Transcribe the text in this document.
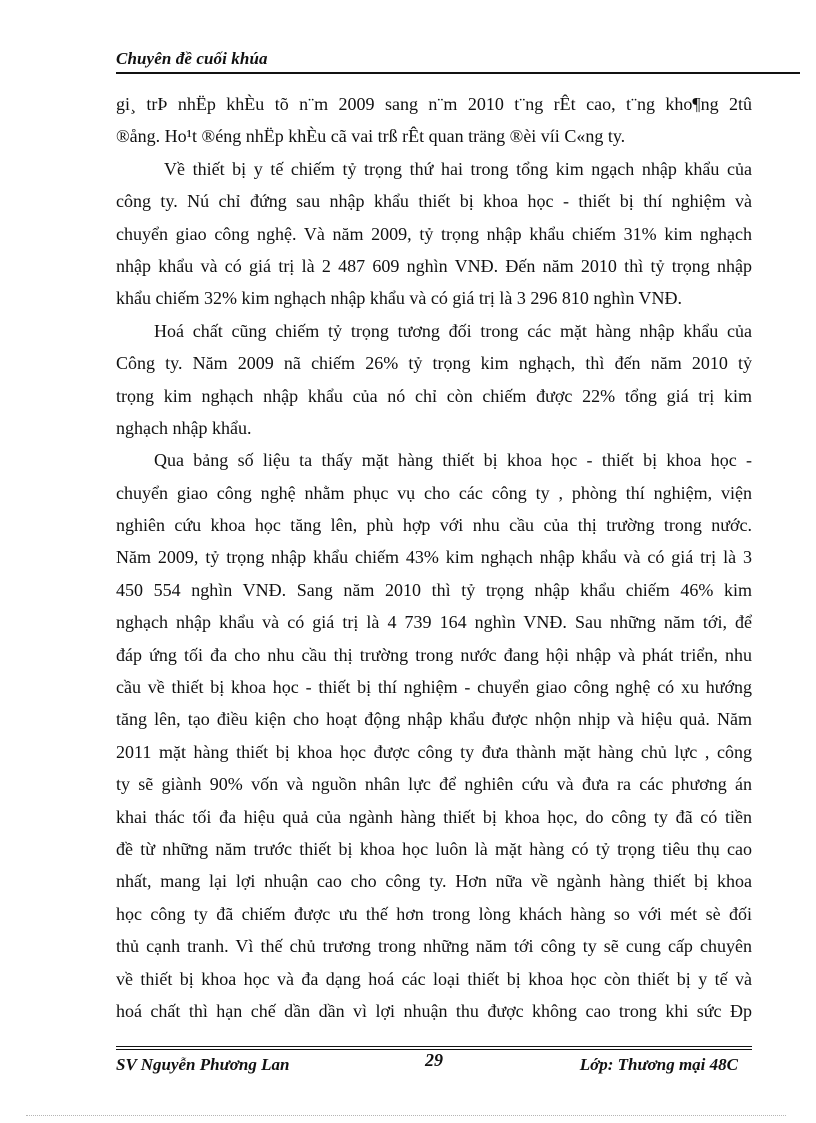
Chuyên đề cuối khúa
gi¸ trÞ nhËp khÈu tõ n¨m 2009 sang n¨m 2010 t¨ng rÊt cao, t¨ng kho¶ng 2tû
®ång. Ho¹t ®éng nhËp khÈu cã vai trß rÊt quan träng ®èi víi C«ng ty.
Về thiết bị y tế chiếm tỷ trọng thứ hai trong tổng kim ngạch nhập khẩu của
công ty. Nú chỉ đứng sau nhập khẩu thiết bị khoa học - thiết bị thí nghiệm và
chuyển giao công nghệ. Và năm 2009, tỷ trọng nhập khẩu chiếm 31% kim nghạch
nhập khẩu và có giá trị là 2 487 609 nghìn VNĐ. Đến năm 2010 thì tỷ trọng nhập
khẩu chiếm 32% kim nghạch nhập khẩu và có giá trị là 3 296 810 nghìn VNĐ.
Hoá chất cũng chiếm tỷ trọng tương đối trong các mặt hàng nhập khẩu của
Công ty. Năm 2009 nã chiếm 26% tỷ trọng kim nghạch, thì đến năm 2010 tỷ
trọng kim nghạch nhập khẩu của nó chỉ còn chiếm được 22% tổng giá trị kim
nghạch nhập khẩu.
Qua bảng số liệu ta thấy mặt hàng thiết bị khoa học - thiết bị khoa học -
chuyển giao công nghệ nhằm phục vụ cho các công ty , phòng thí nghiệm, viện
nghiên cứu khoa học tăng lên, phù hợp với nhu cầu của thị trường trong nước.
Năm 2009, tỷ trọng nhập khẩu chiếm 43% kim nghạch nhập khẩu và có giá trị là 3
450 554 nghìn VNĐ. Sang năm 2010 thì tỷ trọng nhập khẩu chiếm 46% kim
nghạch nhập khẩu và có giá trị là 4 739 164 nghìn VNĐ. Sau những năm tới, để
đáp ứng tối đa cho nhu cầu thị trường trong nước đang hội nhập và phát triển, nhu
cầu về thiết bị khoa học - thiết bị thí nghiệm - chuyển giao công nghệ có xu hướng
tăng lên, tạo điều kiện cho hoạt động nhập khẩu được nhộn nhịp và hiệu quả. Năm
2011 mặt hàng thiết bị khoa học được công ty đưa thành mặt hàng chủ lực , công
ty sẽ giành 90% vốn và nguồn nhân lực để nghiên cứu và đưa ra các phương án
khai thác tối đa hiệu quả của ngành hàng thiết bị khoa học, do công ty đã có tiền
đề từ những năm trước thiết bị khoa học luôn là mặt hàng có tỷ trọng tiêu thụ cao
nhất, mang lại lợi nhuận cao cho công ty. Hơn nữa về ngành hàng thiết bị khoa
học công ty đã chiếm được ưu thế hơn trong lòng khách hàng so với mét sè đối
thủ cạnh tranh. Vì thế chủ trương trong những năm tới công ty sẽ cung cấp chuyên
về thiết bị khoa học và đa dạng hoá các loại thiết bị khoa học còn thiết bị y tế và
hoá chất thì hạn chế dần dần vì lợi nhuận thu được không cao trong khi sức Đp
SV Nguyễn Phương Lan	29	Lớp: Thương mại 48C
